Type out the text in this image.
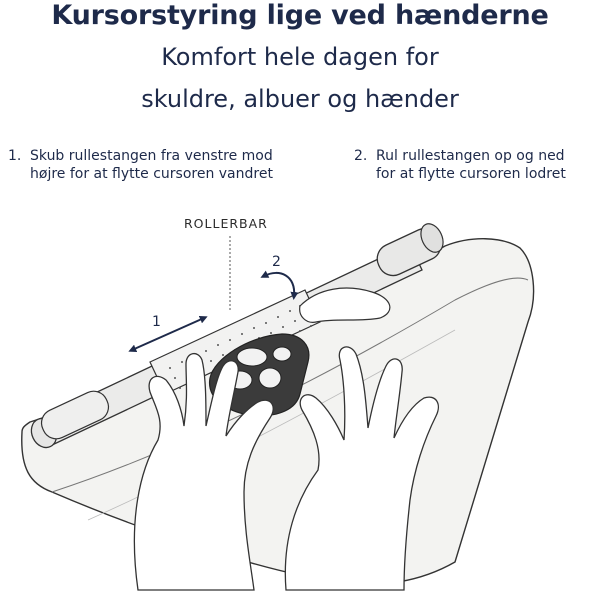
Kursorstyring lige ved hænderne
Komfort hele dagen for
skuldre, albuer og hænder
1. Skub rullestangen fra venstre mod
højre for at flytte cursoren vandret
2. Rul rullestangen op og ned
for at flytte cursoren lodret
ROLLERBAR
1
2
